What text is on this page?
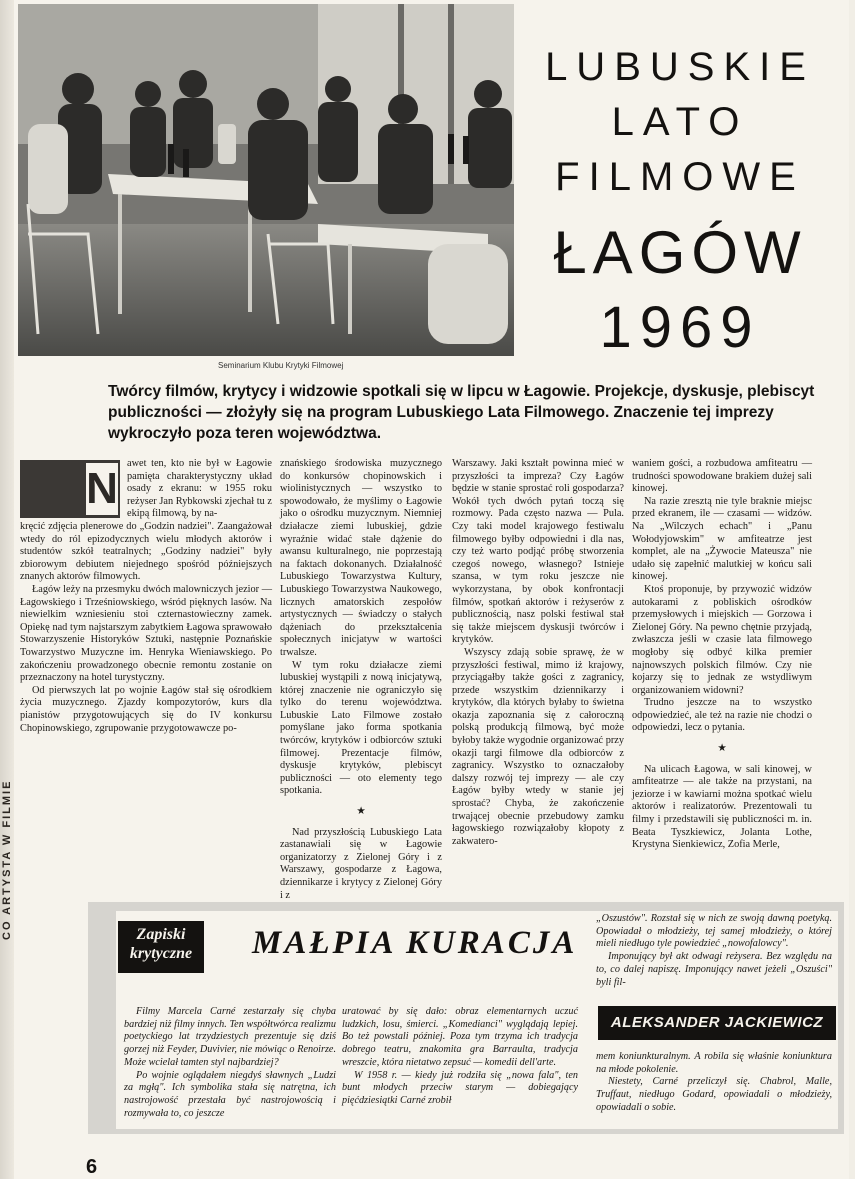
CO ARTYSTA W FILMIE
Seminarium Klubu Krytyki Filmowej
LUBUSKIE
LATO
FILMOWE
ŁAGÓW
1969
Twórcy filmów, krytycy i widzowie spotkali się w lipcu w Łagowie. Projekcje, dyskusje, plebiscyt publiczności — złożyły się na program Lubuskiego Lata Filmowego. Znaczenie tej imprezy wykroczyło poza teren województwa.
N

awet ten, kto nie był w Łagowie pamięta charakterystyczny układ osady z ekranu: w 1955 roku reżyser Jan Rybkowski zjechał tu z ekipą filmową, by na-

kręcić zdjęcia plenerowe do „Godzin nadziei". Zaangażował wtedy do ról epizodycznych wielu młodych aktorów i studentów szkół teatralnych; „Godziny nadziei" były zbiorowym debiutem niejednego spośród późniejszych znanych aktorów filmowych.

Łagów leży na przesmyku dwóch malowniczych jezior — Łagowskiego i Trześniowskiego, wśród pięknych lasów. Na niewielkim wzniesieniu stoi czternastowieczny zamek. Opiekę nad tym najstarszym zabytkiem Łagowa sprawowało Stowarzyszenie Historyków Sztuki, następnie Poznańskie Towarzystwo Muzyczne im. Henryka Wieniawskiego. Po zakończeniu prowadzonego obecnie remontu zostanie on przeznaczony na hotel turystyczny.

Od pierwszych lat po wojnie Łagów stał się ośrodkiem życia muzycznego. Zjazdy kompozytorów, kurs dla pianistów przygotowujących się do IV konkursu Chopinowskiego, zgrupowanie przygotowawcze po-

znańskiego środowiska muzycznego do konkursów chopinowskich i wiolinistycznych — wszystko to spowodowało, że myślimy o Łagowie jako o ośrodku muzycznym. Niemniej działacze ziemi lubuskiej, gdzie wyraźnie widać stałe dążenie do awansu kulturalnego, nie poprzestają na faktach dokonanych. Działalność Lubuskiego Towarzystwa Kultury, Lubuskiego Towarzystwa Naukowego, licznych amatorskich zespołów artystycznych — świadczy o stałych dążeniach do przekształcenia społecznych inicjatyw w wartości trwalsze.

W tym roku działacze ziemi lubuskiej wystąpili z nową inicjatywą, której znaczenie nie ograniczyło się tylko do terenu województwa. Lubuskie Lato Filmowe zostało pomyślane jako forma spotkania twórców, krytyków i odbiorców sztuki filmowej. Prezentacje filmów, dyskusje krytyków, plebiscyt publiczności — oto elementy tego spotkania.

★

Nad przyszłością Lubuskiego Lata zastanawiali się w Łagowie organizatorzy z Zielonej Góry i z Warszawy, gospodarze z Łagowa, dziennikarze i krytycy z Zielonej Góry i z

Warszawy. Jaki kształt powinna mieć w przyszłości ta impreza? Czy Łagów będzie w stanie sprostać roli gospodarza? Wokół tych dwóch pytań toczą się rozmowy. Pada często nazwa — Pula. Czy taki model krajowego festiwalu filmowego byłby odpowiedni i dla nas, czy też warto podjąć próbę stworzenia czegoś nowego, własnego? Istnieje szansa, w tym roku jeszcze nie wykorzystana, by obok konfrontacji filmów, spotkań aktorów i reżyserów z publicznością, nasz polski festiwal stał się także miejscem dyskusji twórców i krytyków.

Wszyscy zdają sobie sprawę, że w przyszłości festiwal, mimo iż krajowy, przyciągałby także gości z zagranicy, przede wszystkim dziennikarzy i krytyków, dla których byłaby to świetna okazja zapoznania się z całoroczną polską produkcją filmową, być może byłoby także wygodnie organizować przy okazji targi filmowe dla odbiorców z zagranicy. Wszystko to oznaczałoby dalszy rozwój tej imprezy — ale czy Łagów byłby wtedy w stanie jej sprostać? Chyba, że zakończenie trwającej obecnie przebudowy zamku łagowskiego rozwiązałoby kłopoty z zakwatero-

waniem gości, a rozbudowa amfiteatru — trudności spowodowane brakiem dużej sali kinowej.

Na razie zresztą nie tyle braknie miejsc przed ekranem, ile — czasami — widzów. Na „Wilczych echach" i „Panu Wołodyjowskim" w amfiteatrze jest komplet, ale na „Żywocie Mateusza" nie udało się zapełnić malutkiej w końcu sali kinowej.

Ktoś proponuje, by przywozić widzów autokarami z pobliskich ośrodków przemysłowych i miejskich — Gorzowa i Zielonej Góry. Na pewno chętnie przyjadą, zwłaszcza jeśli w czasie lata filmowego mogłoby się odbyć kilka premier najnowszych polskich filmów. Czy nie kojarzy się to jednak ze wstydliwym organizowaniem widowni?

Trudno jeszcze na to wszystko odpowiedzieć, ale też na razie nie chodzi o odpowiedzi, lecz o pytania.

★

Na ulicach Łagowa, w sali kinowej, w amfiteatrze — ale także na przystani, na jeziorze i w kawiarni można spotkać wielu aktorów i realizatorów. Prezentowali tu filmy i przedstawili się publiczności m. in. Beata Tyszkiewicz, Jolanta Lothe, Krystyna Sienkiewicz, Zofia Merle,

Zapiski krytyczne	MAŁPIA KURACJA

Filmy Marcela Carné zestarzały się chyba bardziej niż filmy innych. Ten współtwórca realizmu poetyckiego lat trzydziestych prezentuje się dziś gorzej niż Feyder, Duvivier, nie mówiąc o Renoirze. Może wcielał tamten styl najbardziej?

Po wojnie oglądałem niegdyś sławnych „Ludzi za mgłą". Ich symbolika stała się natrętna, ich nastrojowość przestała być nastrojowością i rozmywała to, co jeszcze

uratować by się dało: obraz elementarnych uczuć ludzkich, losu, śmierci. „Komedianci" wyglądają lepiej. Bo też powstali później. Poza tym trzyma ich tradycja dobrego teatru, znakomita gra Barraulta, tradycja wreszcie, która nietatwo zepsuć — komedii dell'arte.

W 1958 r. — kiedy już rodziła się „nowa fala", ten bunt młodych przeciw starym — dobiegający pięćdziesiątki Carné zrobił

„Oszustów". Rozstał się w nich ze swoją dawną poetyką. Opowiadał o młodzieży, tej samej młodzieży, o której mieli niedługo tyle powiedzieć „nowofalowcy".

Imponujący był akt odwagi reżysera. Bez względu na to, co dalej napiszę. Imponujący nawet jeżeli „Oszuści" byli fil-

ALEKSANDER JACKIEWICZ

mem koniunkturalnym. A robila się właśnie koniunktura na młode pokolenie.

Niestety, Carné przeliczył się. Chabrol, Malle, Truffaut, niedługo Godard, opowiadali o młodzieży, opowiadali o sobie.

6
